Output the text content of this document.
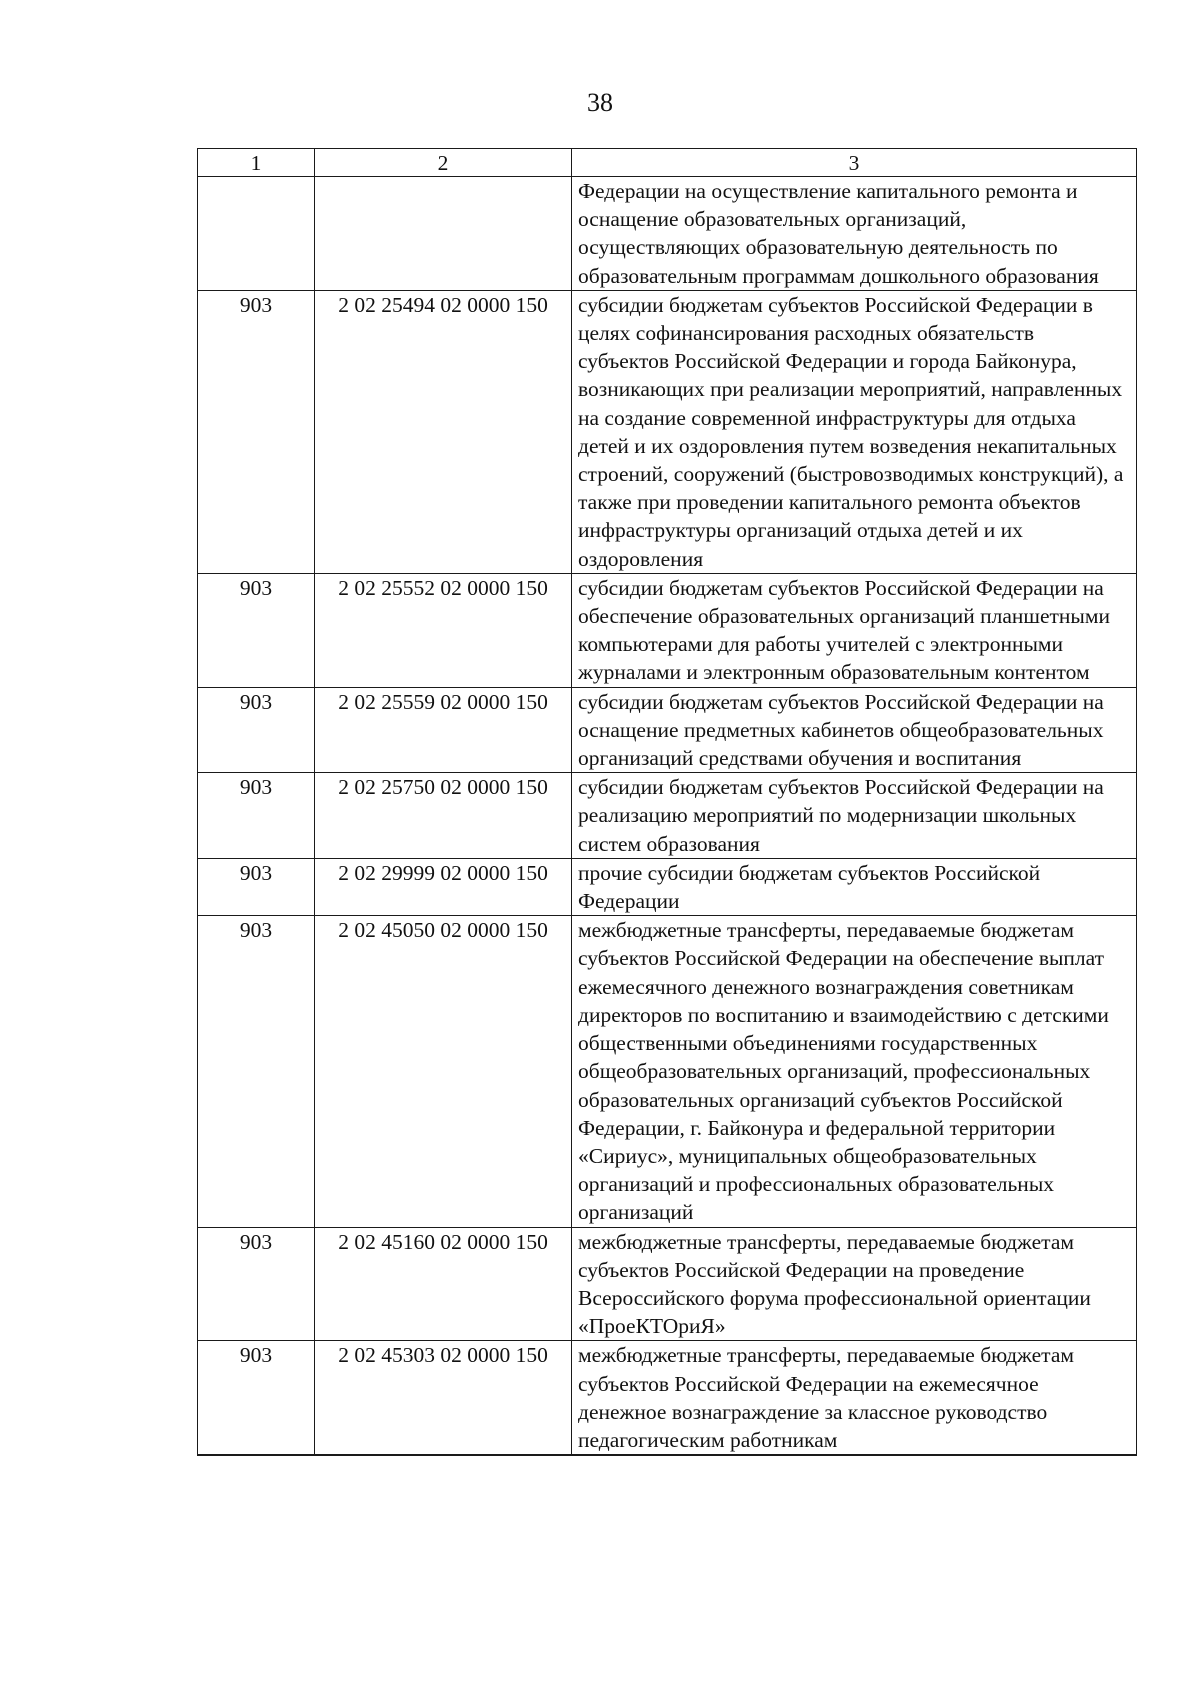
38
1	2	3
		Федерации на осуществление капитального ремонта и оснащение образовательных организаций, осуществляющих образовательную деятельность по образовательным программам дошкольного образования
903	2 02 25494 02 0000 150	субсидии бюджетам субъектов Российской Федерации в целях софинансирования расходных обязательств субъектов Российской Федерации и города Байконура, возникающих при реализации мероприятий, направленных на создание современной инфраструктуры для отдыха детей и их оздоровления путем возведения некапитальных строений, сооружений (быстровозводимых конструкций), а также при проведении капитального ремонта объектов инфраструктуры организаций отдыха детей и их оздоровления
903	2 02 25552 02 0000 150	субсидии бюджетам субъектов Российской Федерации на обеспечение образовательных организаций планшетными компьютерами для работы учителей с электронными журналами и электронным образовательным контентом
903	2 02 25559 02 0000 150	субсидии бюджетам субъектов Российской Федерации на оснащение предметных кабинетов общеобразовательных организаций средствами обучения и воспитания
903	2 02 25750 02 0000 150	субсидии бюджетам субъектов Российской Федерации на реализацию мероприятий по модернизации школьных систем образования
903	2 02 29999 02 0000 150	прочие субсидии бюджетам субъектов Российской Федерации
903	2 02 45050 02 0000 150	межбюджетные трансферты, передаваемые бюджетам субъектов Российской Федерации на обеспечение выплат ежемесячного денежного вознаграждения советникам директоров по воспитанию и взаимодействию с детскими общественными объединениями государственных общеобразовательных организаций, профессиональных образовательных организаций субъектов Российской Федерации, г. Байконура и федеральной территории «Сириус», муниципальных общеобразовательных организаций и профессиональных образовательных организаций
903	2 02 45160 02 0000 150	межбюджетные трансферты, передаваемые бюджетам субъектов Российской Федерации на проведение Всероссийского форума профессиональной ориентации «ПроеКТОриЯ»
903	2 02 45303 02 0000 150	межбюджетные трансферты, передаваемые бюджетам субъектов Российской Федерации на ежемесячное денежное вознаграждение за классное руководство педагогическим работникам
